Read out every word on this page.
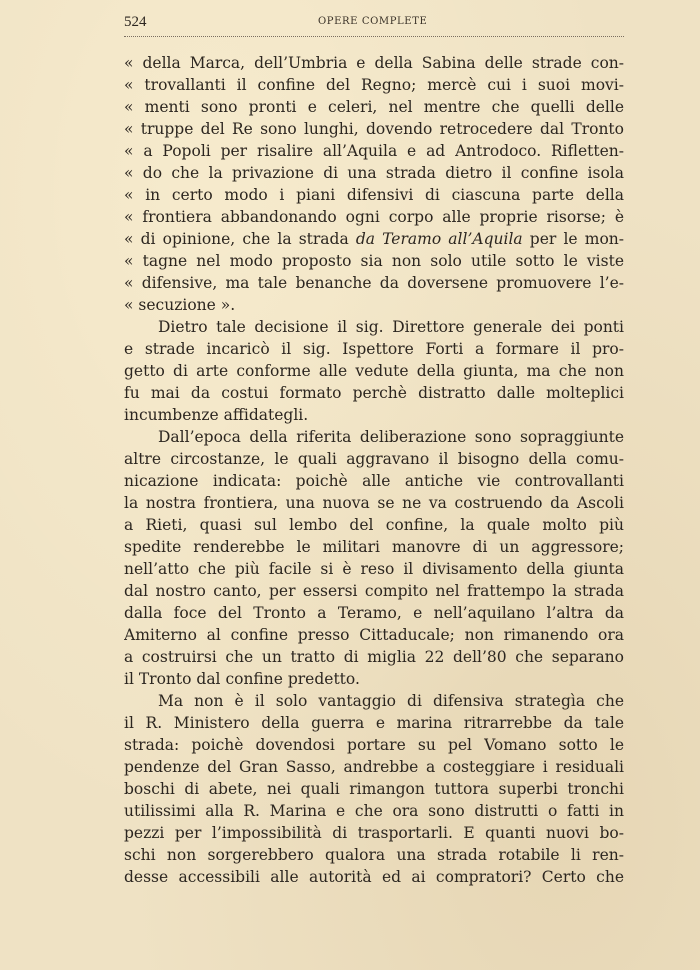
524	OPERE COMPLETE
« della Marca, dell’Umbria e della Sabina delle strade con-
« trovallanti il confine del Regno; mercè cui i suoi movi-
« menti sono pronti e celeri, nel mentre che quelli delle
« truppe del Re sono lunghi, dovendo retrocedere dal Tronto
« a Popoli per risalire all’Aquila e ad Antrodoco. Rifletten-
« do che la privazione di una strada dietro il confine isola
« in certo modo i piani difensivi di ciascuna parte della
« frontiera abbandonando ogni corpo alle proprie risorse; è
« di opinione, che la strada da Teramo all’Aquila per le mon-
« tagne nel modo proposto sia non solo utile sotto le viste
« difensive, ma tale benanche da doversene promuovere l’e-
« secuzione ».
Dietro tale decisione il sig. Direttore generale dei ponti
e strade incaricò il sig. Ispettore Forti a formare il pro-
getto di arte conforme alle vedute della giunta, ma che non
fu mai da costui formato perchè distratto dalle molteplici
incumbenze affidategli.
Dall’epoca della riferita deliberazione sono sopraggiunte
altre circostanze, le quali aggravano il bisogno della comu-
nicazione indicata: poichè alle antiche vie controvallanti
la nostra frontiera, una nuova se ne va costruendo da Ascoli
a Rieti, quasi sul lembo del confine, la quale molto più
spedite renderebbe le militari manovre di un aggressore;
nell’atto che più facile si è reso il divisamento della giunta
dal nostro canto, per essersi compito nel frattempo la strada
dalla foce del Tronto a Teramo, e nell’aquilano l’altra da
Amiterno al confine presso Cittaducale; non rimanendo ora
a costruirsi che un tratto di miglia 22 dell’80 che separano
il Tronto dal confine predetto.
Ma non è il solo vantaggio di difensiva strategìa che
il R. Ministero della guerra e marina ritrarrebbe da tale
strada: poichè dovendosi portare su pel Vomano sotto le
pendenze del Gran Sasso, andrebbe a costeggiare i residuali
boschi di abete, nei quali rimangon tuttora superbi tronchi
utilissimi alla R. Marina e che ora sono distrutti o fatti in
pezzi per l’impossibilità di trasportarli. E quanti nuovi bo-
schi non sorgerebbero qualora una strada rotabile li ren-
desse accessibili alle autorità ed ai compratori? Certo che
